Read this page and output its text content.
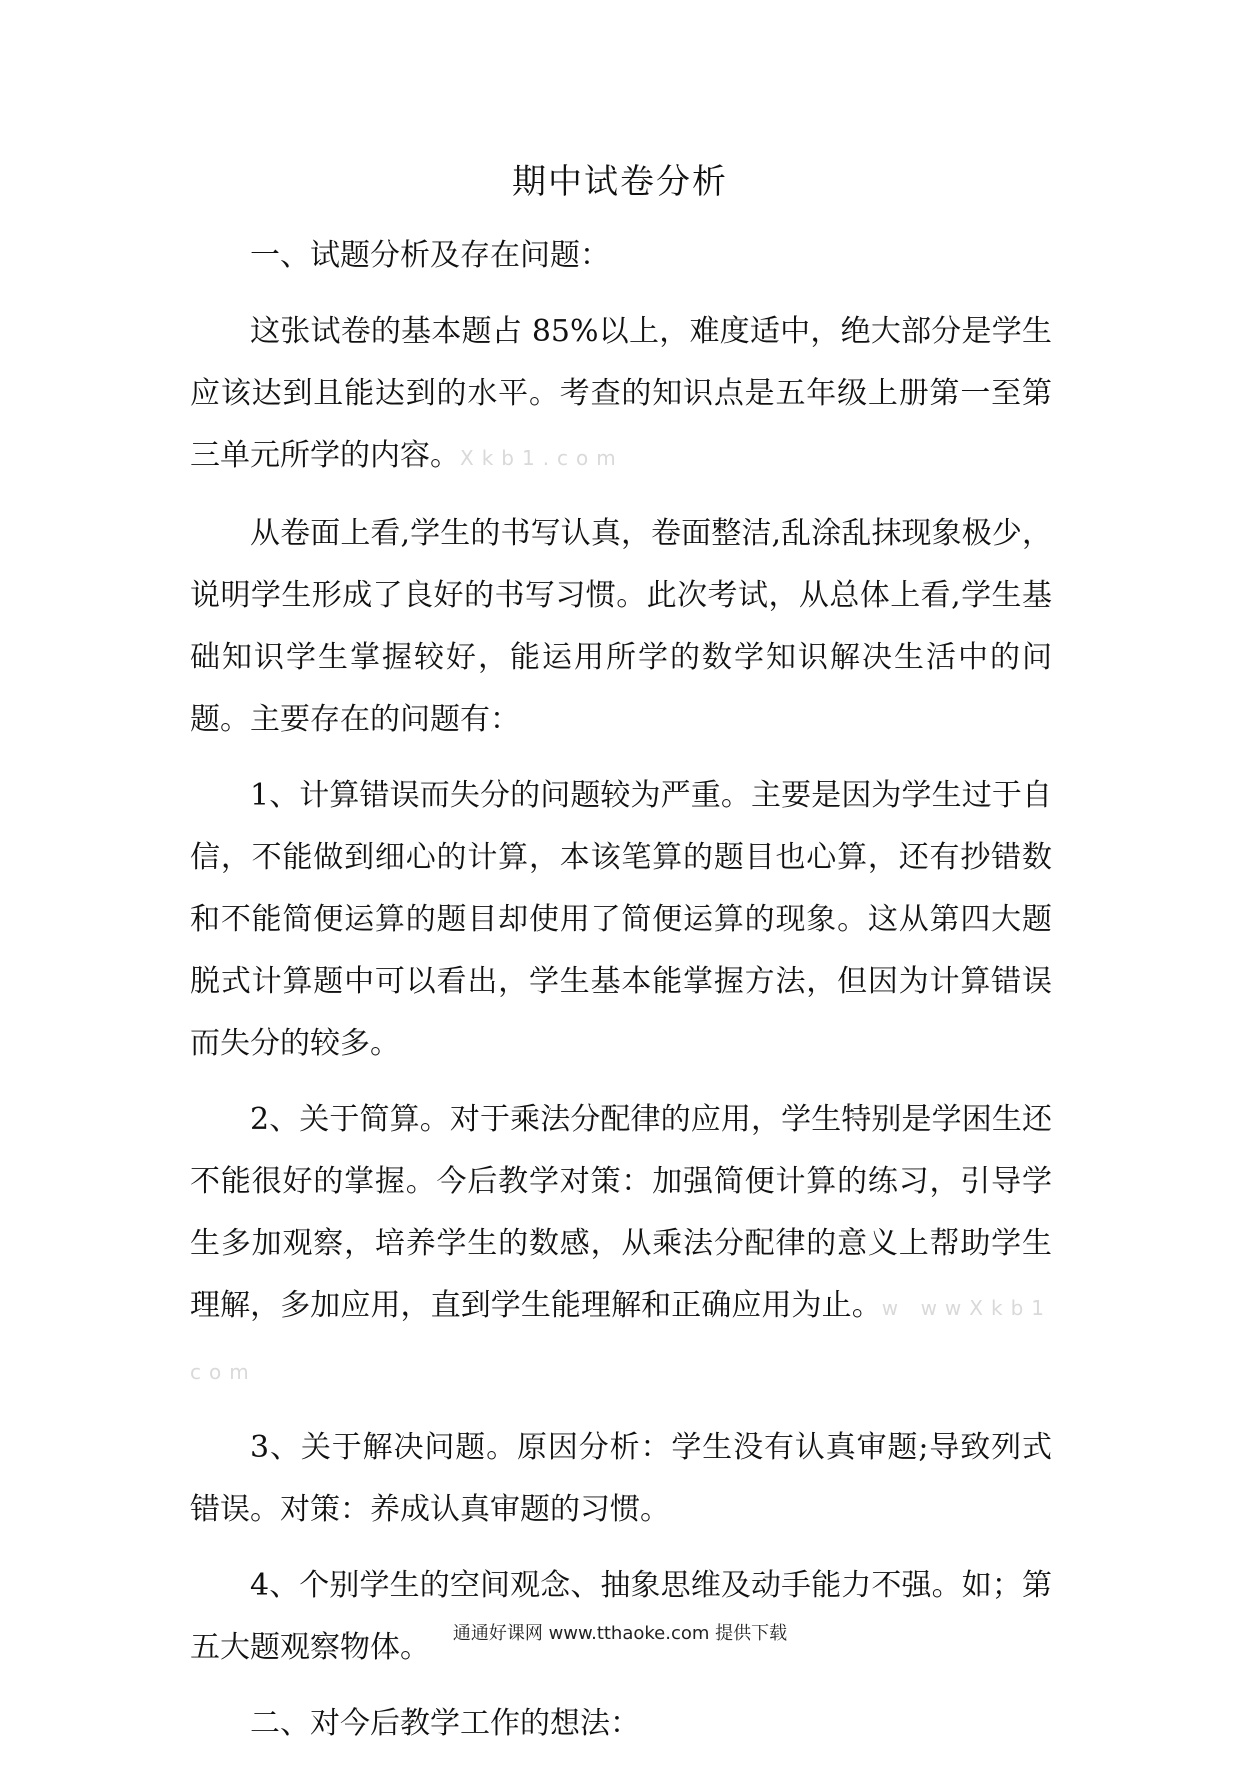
期中试卷分析

一、试题分析及存在问题：

这张试卷的基本题占 85%以上，难度适中，绝大部分是学生应该达到且能达到的水平。考查的知识点是五年级上册第一至第三单元所学的内容。Xkb1.com

从卷面上看,学生的书写认真，卷面整洁,乱涂乱抹现象极少，说明学生形成了良好的书写习惯。此次考试，从总体上看,学生基础知识学生掌握较好，能运用所学的数学知识解决生活中的问题。主要存在的问题有：

1、计算错误而失分的问题较为严重。主要是因为学生过于自信，不能做到细心的计算，本该笔算的题目也心算，还有抄错数和不能简便运算的题目却使用了简便运算的现象。这从第四大题脱式计算题中可以看出，学生基本能掌握方法，但因为计算错误而失分的较多。

2、关于简算。对于乘法分配律的应用，学生特别是学困生还不能很好的掌握。今后教学对策：加强简便计算的练习，引导学生多加观察，培养学生的数感，从乘法分配律的意义上帮助学生理解，多加应用，直到学生能理解和正确应用为止。w wwXkb1com

3、关于解决问题。原因分析：学生没有认真审题;导致列式错误。对策：养成认真审题的习惯。

4、个别学生的空间观念、抽象思维及动手能力不强。如；第五大题观察物体。

二、对今后教学工作的想法：

通通好课网 www.tthaoke.com 提供下载
